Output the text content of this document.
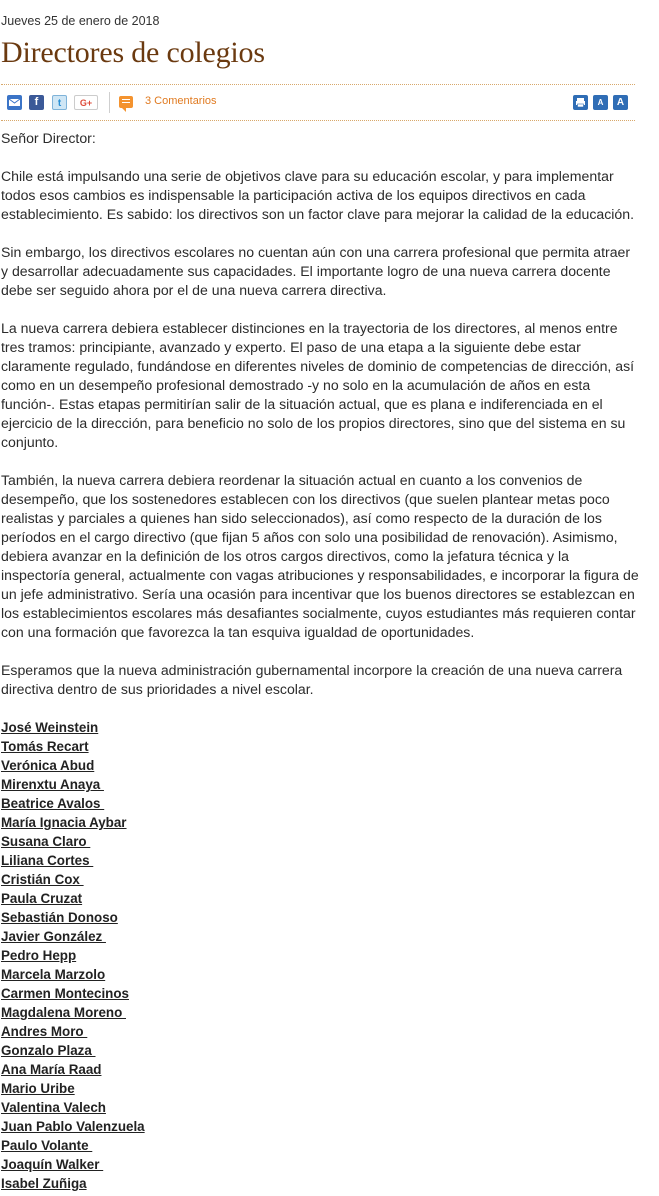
Jueves 25 de enero de 2018
Directores de colegios
f	t	G+	3 Comentarios	A	A

Señor Director:

Chile está impulsando una serie de objetivos clave para su educación escolar, y para implementar todos esos cambios es indispensable la participación activa de los equipos directivos en cada establecimiento. Es sabido: los directivos son un factor clave para mejorar la calidad de la educación.

Sin embargo, los directivos escolares no cuentan aún con una carrera profesional que permita atraer y desarrollar adecuadamente sus capacidades. El importante logro de una nueva carrera docente debe ser seguido ahora por el de una nueva carrera directiva.

La nueva carrera debiera establecer distinciones en la trayectoria de los directores, al menos entre tres tramos: principiante, avanzado y experto. El paso de una etapa a la siguiente debe estar claramente regulado, fundándose en diferentes niveles de dominio de competencias de dirección, así como en un desempeño profesional demostrado -y no solo en la acumulación de años en esta función-. Estas etapas permitirían salir de la situación actual, que es plana e indiferenciada en el ejercicio de la dirección, para beneficio no solo de los propios directores, sino que del sistema en su conjunto.

También, la nueva carrera debiera reordenar la situación actual en cuanto a los convenios de desempeño, que los sostenedores establecen con los directivos (que suelen plantear metas poco realistas y parciales a quienes han sido seleccionados), así como respecto de la duración de los períodos en el cargo directivo (que fijan 5 años con solo una posibilidad de renovación). Asimismo, debiera avanzar en la definición de los otros cargos directivos, como la jefatura técnica y la inspectoría general, actualmente con vagas atribuciones y responsabilidades, e incorporar la figura de un jefe administrativo. Sería una ocasión para incentivar que los buenos directores se establezcan en los establecimientos escolares más desafiantes socialmente, cuyos estudiantes más requieren contar con una formación que favorezca la tan esquiva igualdad de oportunidades.

Esperamos que la nueva administración gubernamental incorpore la creación de una nueva carrera directiva dentro de sus prioridades a nivel escolar.

José Weinstein
Tomás Recart
Verónica Abud
Mirenxtu Anaya
Beatrice Avalos
María Ignacia Aybar
Susana Claro
Liliana Cortes
Cristián Cox
Paula Cruzat
Sebastián Donoso
Javier González
Pedro Hepp
Marcela Marzolo
Carmen Montecinos
Magdalena Moreno
Andres Moro
Gonzalo Plaza
Ana María Raad
Mario Uribe
Valentina Valech
Juan Pablo Valenzuela
Paulo Volante
Joaquín Walker
Isabel Zuñiga
